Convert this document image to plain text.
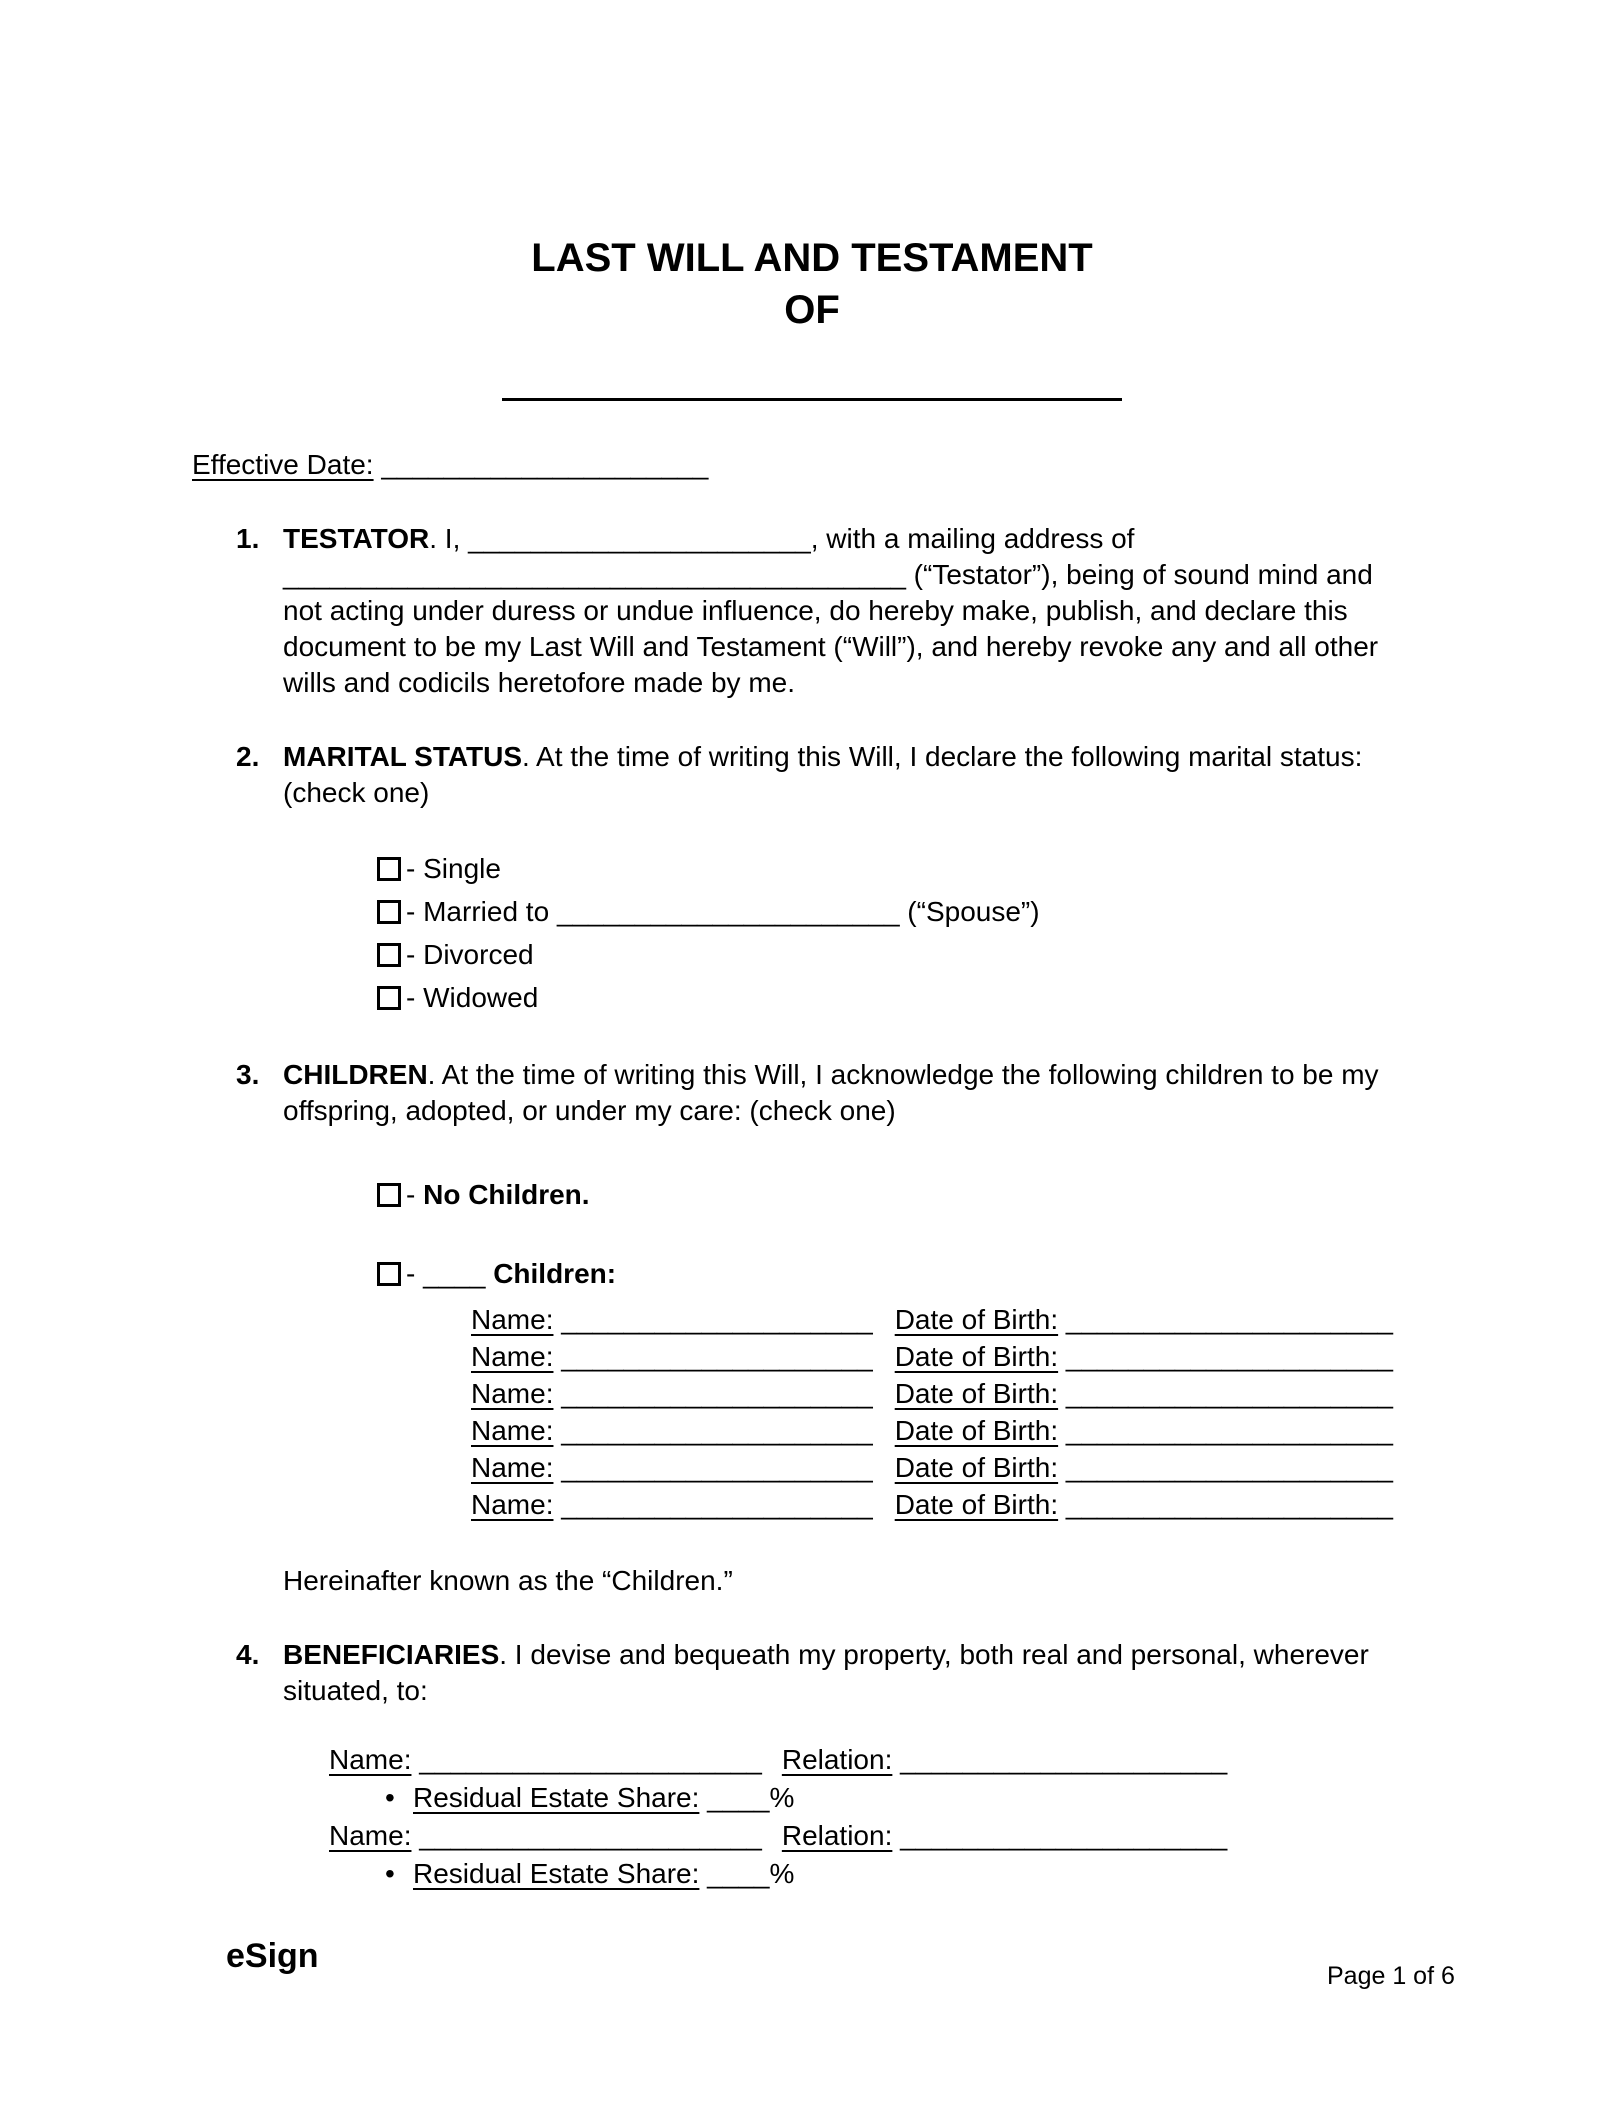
LAST WILL AND TESTAMENT
OF
Effective Date: _____________________
1. TESTATOR. I, ______________________, with a mailing address of ________________________________________ (“Testator”), being of sound mind and not acting under duress or undue influence, do hereby make, publish, and declare this document to be my Last Will and Testament (“Will”), and hereby revoke any and all other wills and codicils heretofore made by me.
2. MARITAL STATUS. At the time of writing this Will, I declare the following marital status: (check one)
- Single
- Married to ______________________ (“Spouse”)
- Divorced
- Widowed
3. CHILDREN. At the time of writing this Will, I acknowledge the following children to be my offspring, adopted, or under my care: (check one)
- No Children.
- ____ Children:
Name: ____________________ Date of Birth: _____________________
Name: ____________________ Date of Birth: _____________________
Name: ____________________ Date of Birth: _____________________
Name: ____________________ Date of Birth: _____________________
Name: ____________________ Date of Birth: _____________________
Name: ____________________ Date of Birth: _____________________
Hereinafter known as the “Children.”
4. BENEFICIARIES. I devise and bequeath my property, both real and personal, wherever situated, to:
Name: ______________________ Relation: _____________________
• Residual Estate Share: ____%
Name: ______________________ Relation: _____________________
• Residual Estate Share: ____%
eSign
Page 1 of 6
